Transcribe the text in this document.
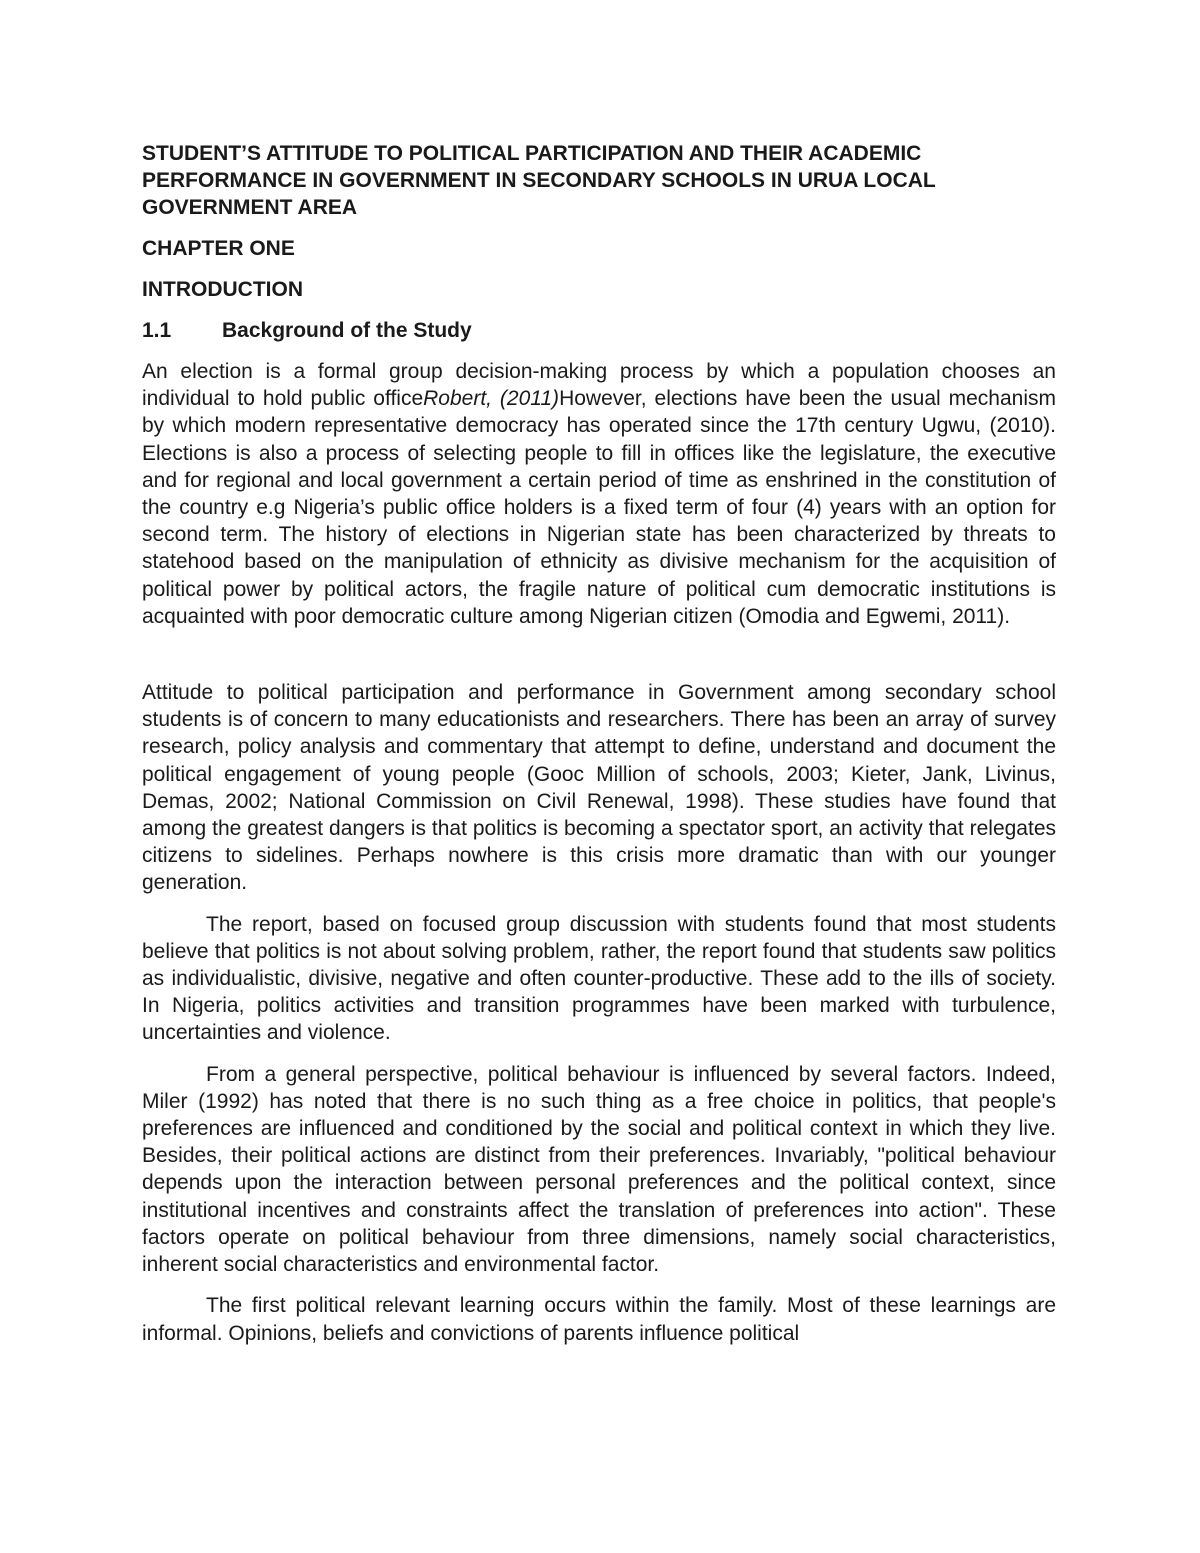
STUDENT’S ATTITUDE TO POLITICAL PARTICIPATION AND THEIR ACADEMIC PERFORMANCE IN GOVERNMENT IN SECONDARY SCHOOLS IN URUA LOCAL GOVERNMENT AREA
CHAPTER ONE
INTRODUCTION
1.1	Background of the Study

An election is a formal group decision-making process by which a population chooses an individual to hold public officeRobert, (2011)However, elections have been the usual mechanism by which modern representative democracy has operated since the 17th century Ugwu, (2010). Elections is also a process of selecting people to fill in offices like the legislature, the executive and for regional and local government a certain period of time as enshrined in the constitution of the country e.g Nigeria’s public office holders is a fixed term of four (4) years with an option for second term. The history of elections in Nigerian state has been characterized by threats to statehood based on the manipulation of ethnicity as divisive mechanism for the acquisition of political power by political actors, the fragile nature of political cum democratic institutions is acquainted with poor democratic culture among Nigerian citizen (Omodia and Egwemi, 2011).

Attitude to political participation and performance in Government among secondary school students is of concern to many educationists and researchers. There has been an array of survey research, policy analysis and commentary that attempt to define, understand and document the political engagement of young people (Gooc Million of schools, 2003; Kieter, Jank, Livinus, Demas, 2002; National Commission on Civil Renewal, 1998). These studies have found that among the greatest dangers is that politics is becoming a spectator sport, an activity that relegates citizens to sidelines. Perhaps nowhere is this crisis more dramatic than with our younger generation.

The report, based on focused group discussion with students found that most students believe that politics is not about solving problem, rather, the report found that students saw politics as individualistic, divisive, negative and often counter-productive. These add to the ills of society. In Nigeria, politics activities and transition programmes have been marked with turbulence, uncertainties and violence.

From a general perspective, political behaviour is influenced by several factors. Indeed, Miler (1992) has noted that there is no such thing as a free choice in politics, that people's preferences are influenced and conditioned by the social and political context in which they live. Besides, their political actions are distinct from their preferences. Invariably, "political behaviour depends upon the interaction between personal preferences and the political context, since institutional incentives and constraints affect the translation of preferences into action". These factors operate on political behaviour from three dimensions, namely social characteristics, inherent social characteristics and environmental factor.

The first political relevant learning occurs within the family. Most of these learnings are informal. Opinions, beliefs and convictions of parents influence political
